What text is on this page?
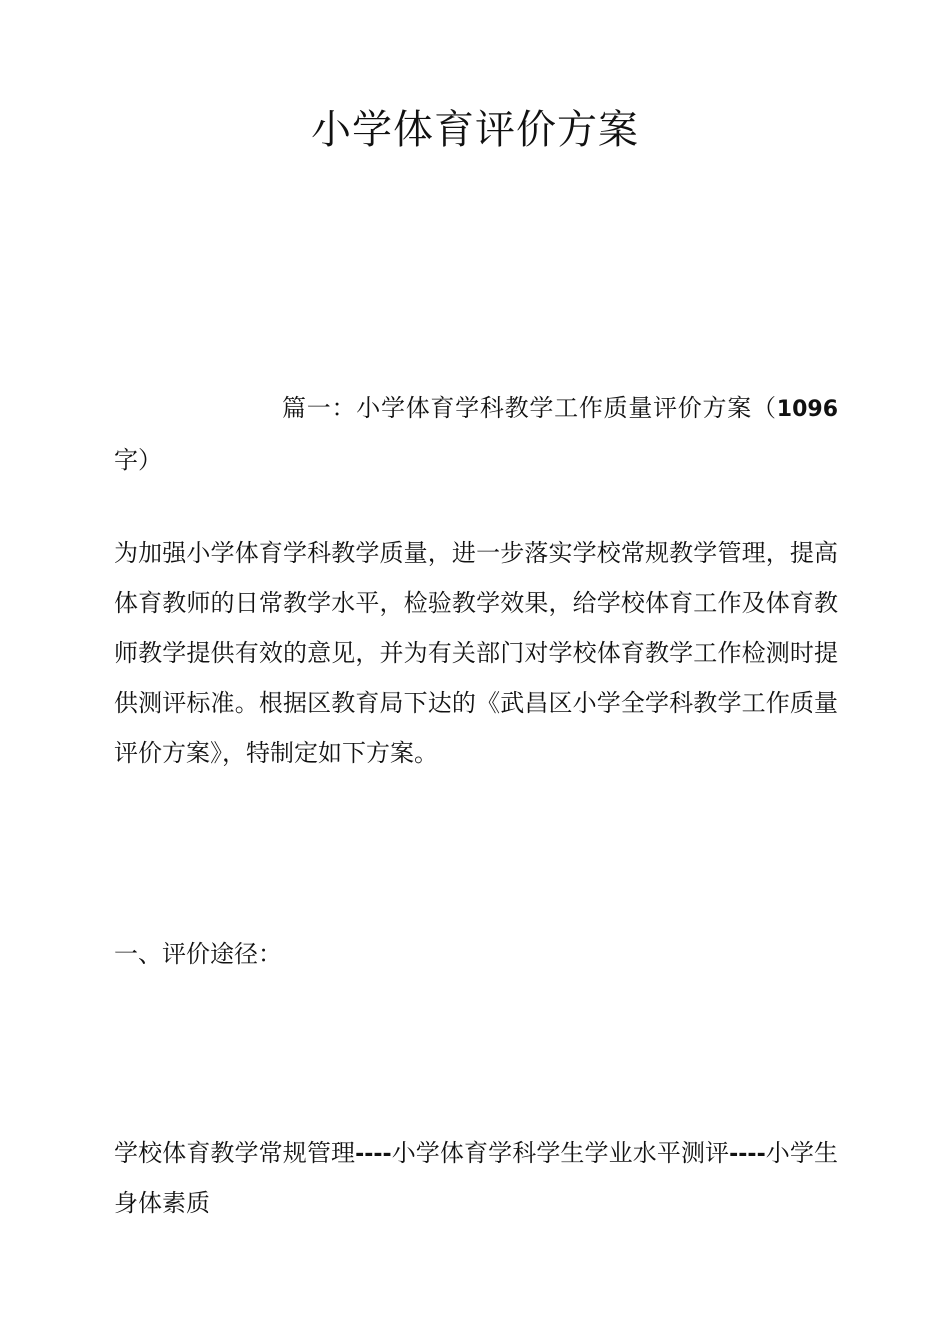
小学体育评价方案

篇一：小学体育学科教学工作质量评价方案（1096字）

为加强小学体育学科教学质量，进一步落实学校常规教学管理，提高体育教师的日常教学水平，检验教学效果，给学校体育工作及体育教师教学提供有效的意见，并为有关部门对学校体育教学工作检测时提供测评标准。根据区教育局下达的《武昌区小学全学科教学工作质量评价方案》，特制定如下方案。

一、评价途径：

学校体育教学常规管理----小学体育学科学生学业水平测评----小学生身体素质
